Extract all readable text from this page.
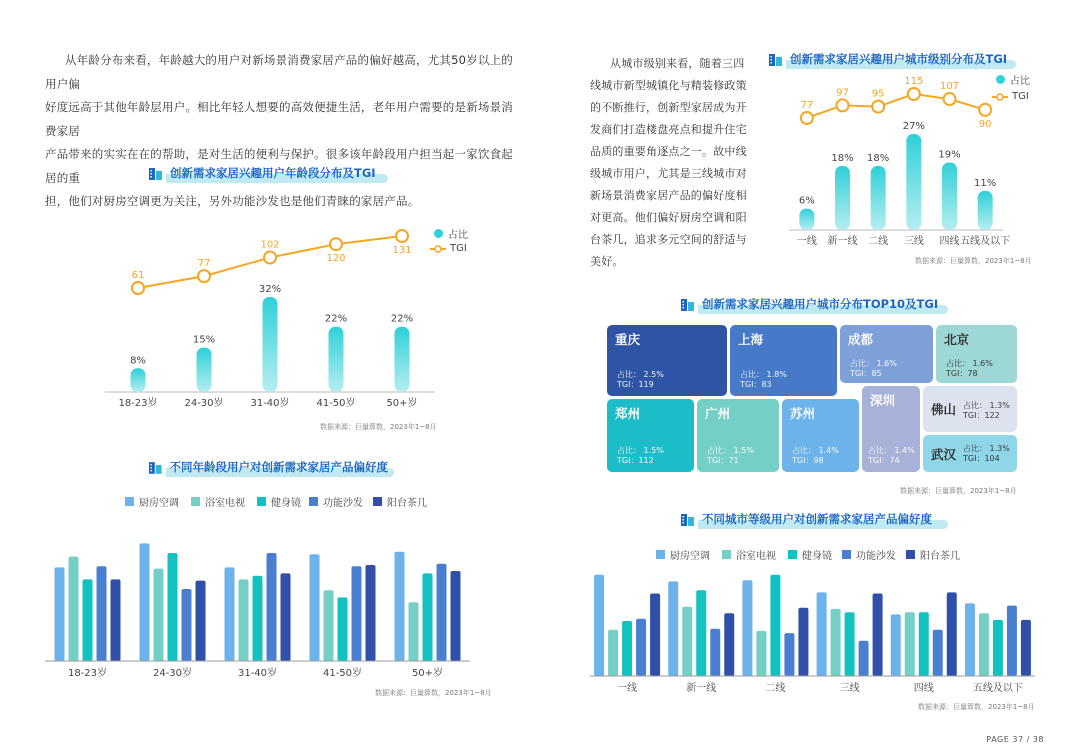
从年龄分布来看，年龄越大的用户对新场景消费家居产品的偏好越高，尤其50岁以上的用户偏

好度远高于其他年龄层用户。相比年轻人想要的高效便捷生活，老年用户需要的是新场景消费家居

产品带来的实实在在的帮助，是对生活的便利与保护。很多该年龄段用户担当起一家饮食起居的重

担，他们对厨房空调更为关注，另外功能沙发也是他们青睐的家居产品。

从城市级别来看，随着三四

线城市新型城镇化与精装修政策

的不断推行，创新型家居成为开

发商们打造楼盘亮点和提升住宅

品质的重要角逐点之一。故中线

级城市用户，尤其是三线城市对

新场景消费家居产品的偏好度相

对更高。他们偏好厨房空调和阳

台茶几，追求多元空间的舒适与

美好。

创新需求家居兴趣用户年龄段分布及TGI
不同年龄段用户对创新需求家居产品偏好度
创新需求家居兴趣用户城市级别分布及TGI
创新需求家居兴趣用户城市分布TOP10及TGI
不同城市等级用户对创新需求家居产品偏好度
8%
18-23岁
15%
24-30岁
32%
31-40岁
22%
41-50岁
22%
50+岁
61
77
102
120
131
占比
TGI
数据来源：巨量算数，2023年1~8月
厨房空调	浴室电视	健身镜 功能沙发 阳台茶几
18-23岁	24-30岁	31-40岁	41-50岁	50+岁
数据来源：巨量算数，2023年1~8月
占比
TGI
6%
一线
18%
新一线
18%
二线
27%
三线
19%
四线
11%
五线及以下
77
97 95
115 107
90
数据来源：巨量算数，2023年1~8月
重庆
占比： 2.5%
TGI：119
上海
占比： 1.8%
TGI：83
成都
占比： 1.6%
TGI：85
北京
占比： 1.6%
TGI：78
郑州
占比： 1.5%
TGI：112
广州
占比： 1.5%
TGI：71
苏州
占比： 1.4%
TGI：98
深圳
占比： 1.4%
TGI：74
佛山 占比： 1.3%
TGI：122
武汉 占比： 1.3%
TGI：104
数据来源：巨量算数，2023年1~8月
厨房空调	浴室电视	健身镜 功能沙发 阳台茶几
一线	新一线	二线	三线	四线	五线及以下
数据来源：巨量算数，2023年1~8月
PAGE 37 / 38
